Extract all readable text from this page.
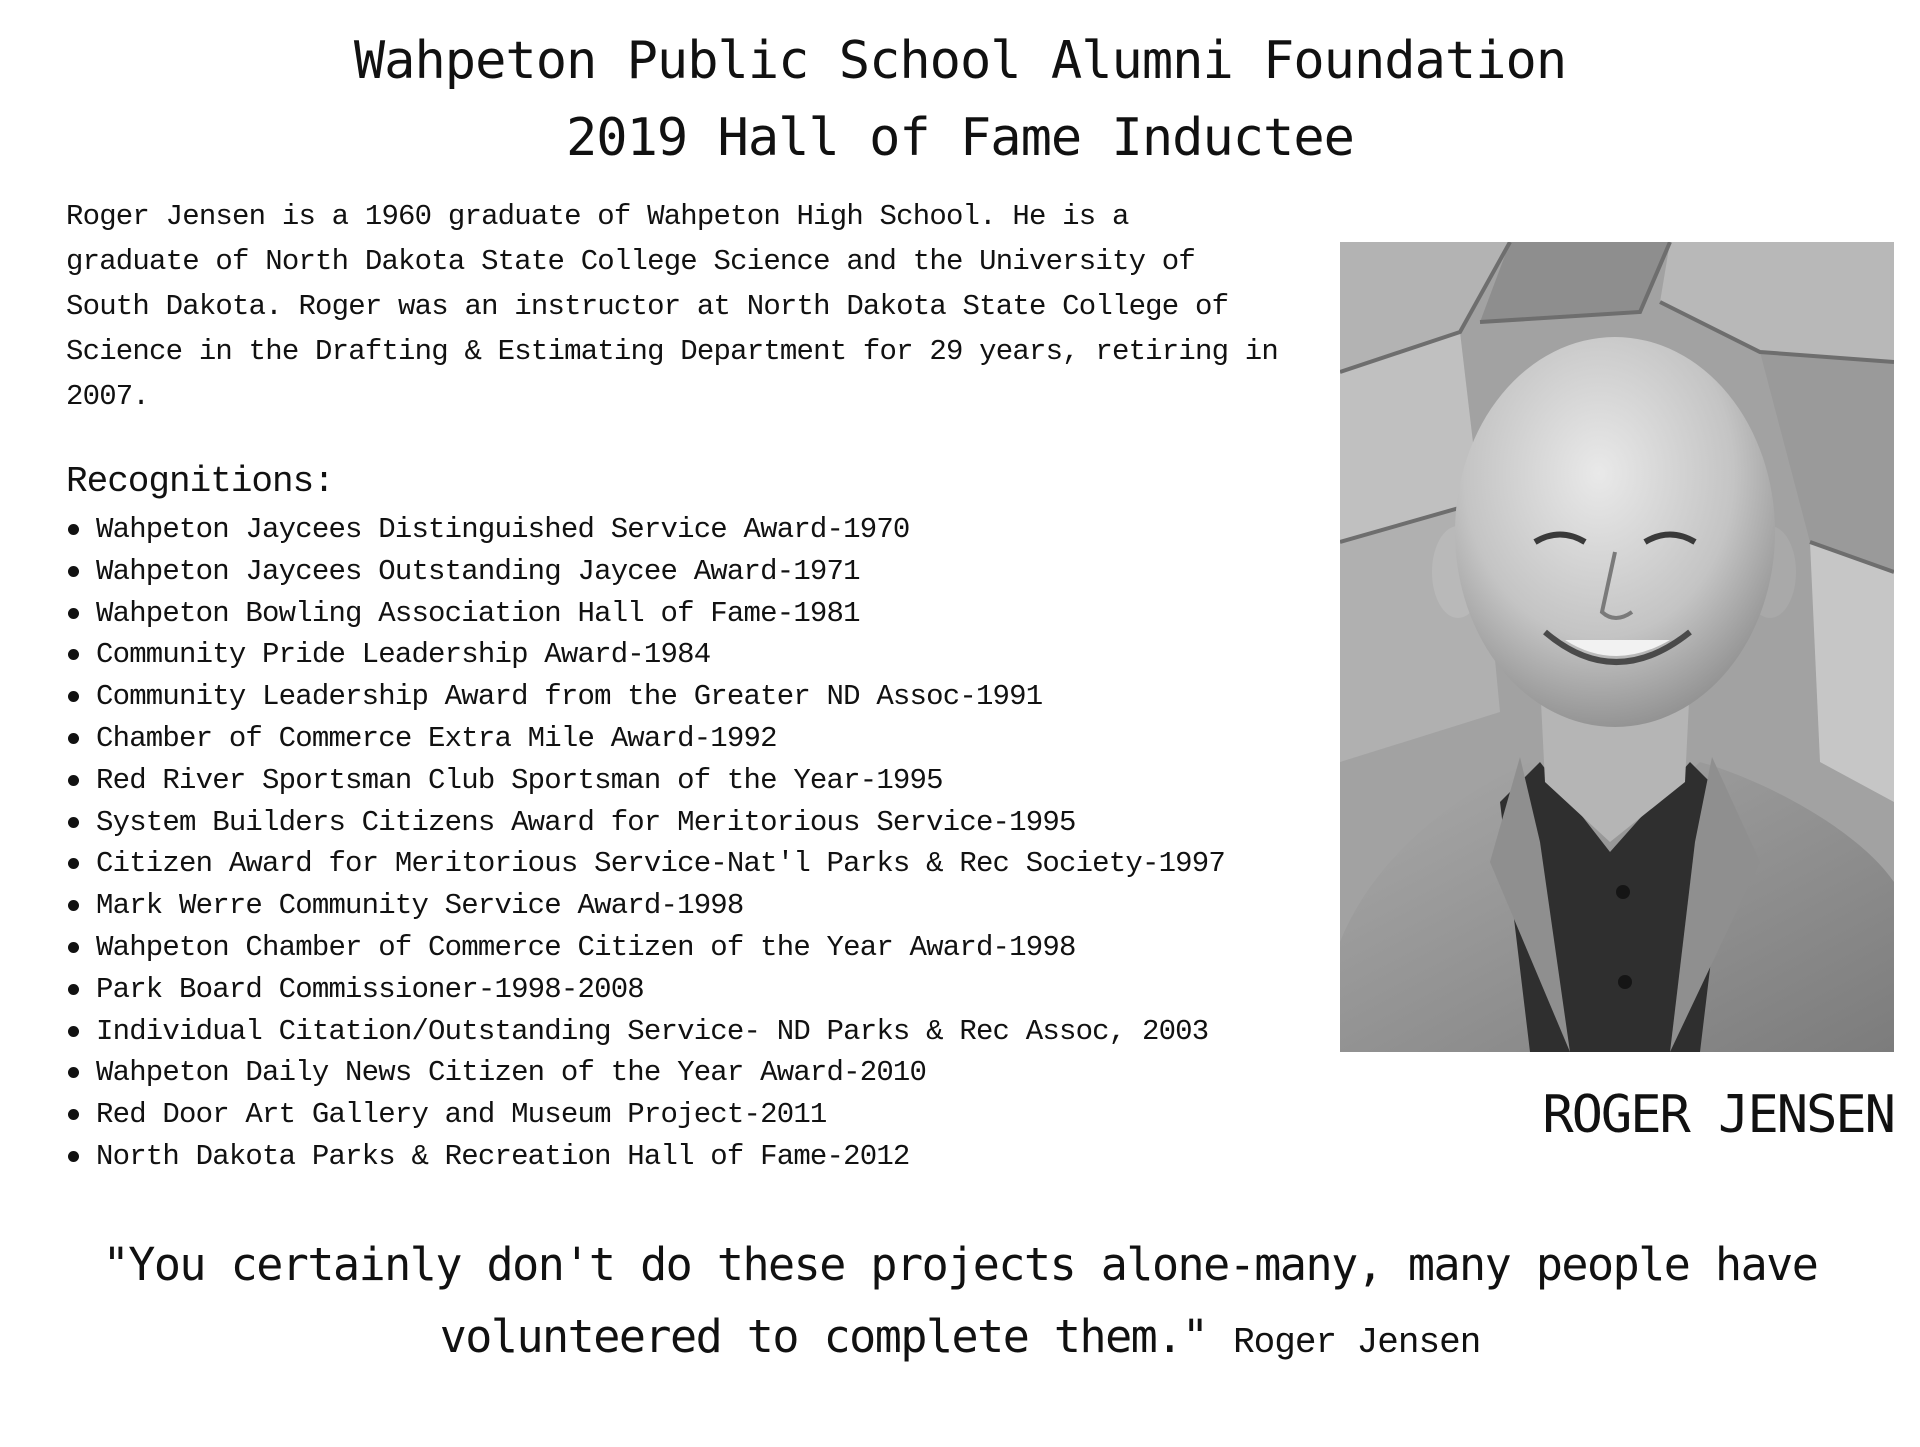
Wahpeton Public School Alumni Foundation
2019 Hall of Fame Inductee
Roger Jensen is a 1960 graduate of Wahpeton High School. He is a
graduate of North Dakota State College Science and the University of
South Dakota. Roger was an instructor at North Dakota State College of
Science in the Drafting & Estimating Department for 29 years, retiring in
2007.
Recognitions:
Wahpeton Jaycees Distinguished Service Award-1970
Wahpeton Jaycees Outstanding Jaycee Award-1971
Wahpeton Bowling Association Hall of Fame-1981
Community Pride Leadership Award-1984
Community Leadership Award from the Greater ND Assoc-1991
Chamber of Commerce Extra Mile Award-1992
Red River Sportsman Club Sportsman of the Year-1995
System Builders Citizens Award for Meritorious Service-1995
Citizen Award for Meritorious Service-Nat'l Parks & Rec Society-1997
Mark Werre Community Service Award-1998
Wahpeton Chamber of Commerce Citizen of the Year Award-1998
Park Board Commissioner-1998-2008
Individual Citation/Outstanding Service- ND Parks & Rec Assoc, 2003
Wahpeton Daily News Citizen of the Year Award-2010
Red Door Art Gallery and Museum Project-2011
North Dakota Parks & Recreation Hall of Fame-2012
ROGER JENSEN
"You certainly don't do these projects alone-many, many people have
volunteered to complete them." Roger Jensen
